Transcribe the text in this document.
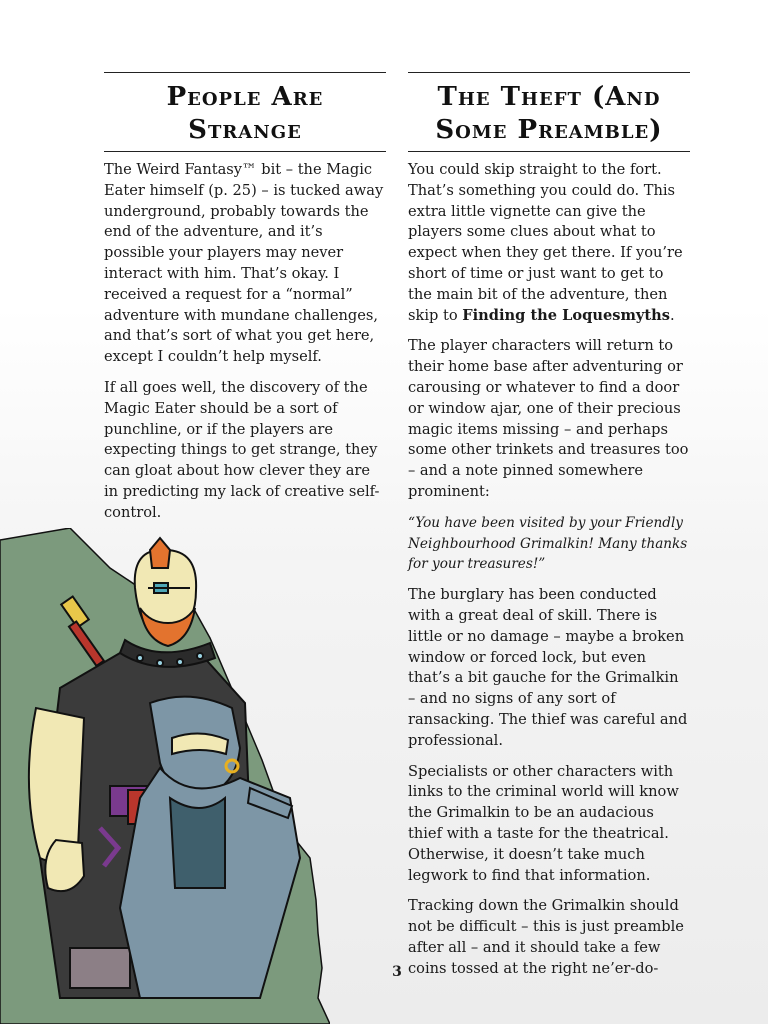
People Are
Strange

The Weird Fantasy™ bit – the Magic Eater himself (p. 25) – is tucked away underground, probably towards the end of the adventure, and it’s possible your players may never interact with him. That’s okay. I received a request for a “normal” adventure with mundane challenges, and that’s sort of what you get here, except I couldn’t help myself.

If all goes well, the discovery of the Magic Eater should be a sort of punchline, or if the players are expecting things to get strange, they can gloat about how clever they are in predicting my lack of creative self-control.

The Theft (And
Some Preamble)

You could skip straight to the fort. That’s something you could do. This extra little vignette can give the players some clues about what to expect when they get there. If you’re short of time or just want to get to the main bit of the adventure, then skip to Finding the Loquesmyths.

The player characters will return to their home base after adventuring or carousing or whatever to find a door or window ajar, one of their precious magic items missing – and perhaps some other trinkets and treasures too – and a note pinned somewhere prominent:

“You have been visited by your Friendly Neighbourhood Grimalkin! Many thanks for your treasures!”

The burglary has been conducted with a great deal of skill. There is little or no damage – maybe a broken window or forced lock, but even that’s a bit gauche for the Grimalkin – and no signs of any sort of ransacking. The thief was careful and professional.

Specialists or other characters with links to the criminal world will know the Grimalkin to be an audacious thief with a taste for the theatrical. Otherwise, it doesn’t take much legwork to find that information.

Tracking down the Grimalkin should not be difficult – this is just preamble after all – and it should take a few coins tossed at the right ne’er-do-

3
